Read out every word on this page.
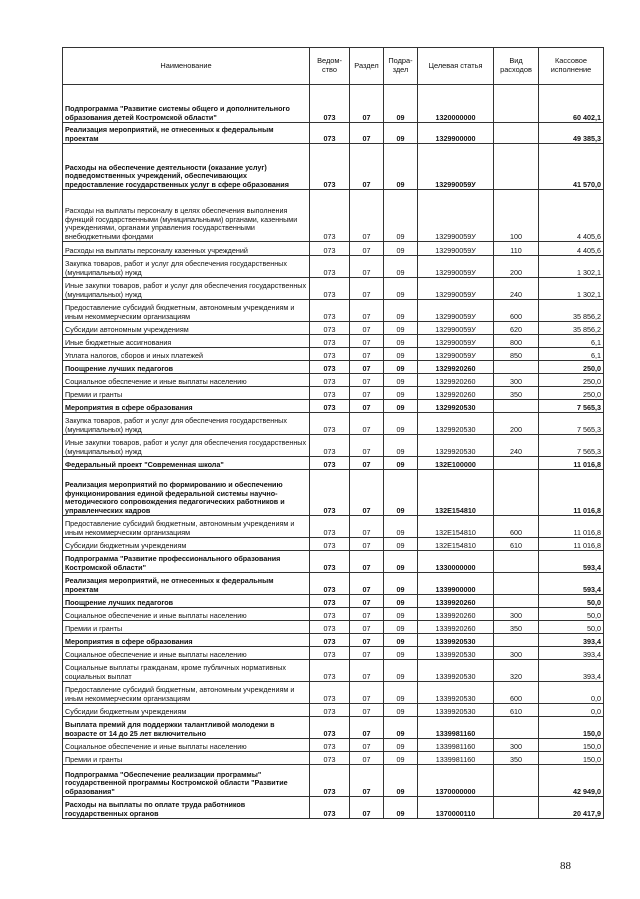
Наименование	Ведом-ство	Раздел	Подра-здел	Целевая статья	Вид расходов	Кассовое исполнение
Подпрограмма "Развитие системы общего и дополнительного образования детей Костромской области"	073	07	09	1320000000		60 402,1
Реализация мероприятий, не отнесенных к федеральным проектам	073	07	09	1329900000		49 385,3
Расходы на обеспечение деятельности (оказание услуг) подведомственных учреждений, обеспечивающих предоставление государственных услуг в сфере образования	073	07	09	132990059У		41 570,0
Расходы на выплаты персоналу в целях обеспечения выполнения функций государственными (муниципальными) органами, казенными учреждениями, органами управления государственными внебюджетными фондами	073	07	09	132990059У	100	4 405,6
Расходы на выплаты персоналу казенных учреждений	073	07	09	132990059У	110	4 405,6
Закупка товаров, работ и услуг для обеспечения государственных (муниципальных) нужд	073	07	09	132990059У	200	1 302,1
Иные закупки товаров, работ и услуг для обеспечения государственных (муниципальных) нужд	073	07	09	132990059У	240	1 302,1
Предоставление субсидий бюджетным, автономным учреждениям и иным некоммерческим организациям	073	07	09	132990059У	600	35 856,2
Субсидии автономным учреждениям	073	07	09	132990059У	620	35 856,2
Иные бюджетные ассигнования	073	07	09	132990059У	800	6,1
Уплата налогов, сборов и иных платежей	073	07	09	132990059У	850	6,1
Поощрение лучших педагогов	073	07	09	1329920260		250,0
Социальное обеспечение и иные выплаты населению	073	07	09	1329920260	300	250,0
Премии и гранты	073	07	09	1329920260	350	250,0
Мероприятия в сфере образования	073	07	09	1329920530		7 565,3
Закупка товаров, работ и услуг для обеспечения государственных (муниципальных) нужд	073	07	09	1329920530	200	7 565,3
Иные закупки товаров, работ и услуг для обеспечения государственных (муниципальных) нужд	073	07	09	1329920530	240	7 565,3
Федеральный проект "Современная школа"	073	07	09	132E100000		11 016,8
Реализация мероприятий по формированию и обеспечению функционирования единой федеральной системы научно-методического сопровождения педагогических работников и управленческих кадров	073	07	09	132E154810		11 016,8
Предоставление субсидий бюджетным, автономным учреждениям и иным некоммерческим организациям	073	07	09	132E154810	600	11 016,8
Субсидии бюджетным учреждениям	073	07	09	132E154810	610	11 016,8
Подпрограмма "Развитие профессионального образования Костромской области"	073	07	09	1330000000		593,4
Реализация мероприятий, не отнесенных к федеральным проектам	073	07	09	1339900000		593,4
Поощрение лучших педагогов	073	07	09	1339920260		50,0
Социальное обеспечение и иные выплаты населению	073	07	09	1339920260	300	50,0
Премии и гранты	073	07	09	1339920260	350	50,0
Мероприятия в сфере образования	073	07	09	1339920530		393,4
Социальное обеспечение и иные выплаты населению	073	07	09	1339920530	300	393,4
Социальные выплаты гражданам, кроме публичных нормативных социальных выплат	073	07	09	1339920530	320	393,4
Предоставление субсидий бюджетным, автономным учреждениям и иным некоммерческим организациям	073	07	09	1339920530	600	0,0
Субсидии бюджетным учреждениям	073	07	09	1339920530	610	0,0
Выплата премий для поддержки талантливой молодежи в возрасте от 14 до 25 лет включительно	073	07	09	1339981160		150,0
Социальное обеспечение и иные выплаты населению	073	07	09	1339981160	300	150,0
Премии и гранты	073	07	09	1339981160	350	150,0
Подпрограмма "Обеспечение реализации программы" государственной программы Костромской области "Развитие образования"	073	07	09	1370000000		42 949,0
Расходы на выплаты по оплате труда работников государственных органов	073	07	09	1370000110		20 417,9
88
